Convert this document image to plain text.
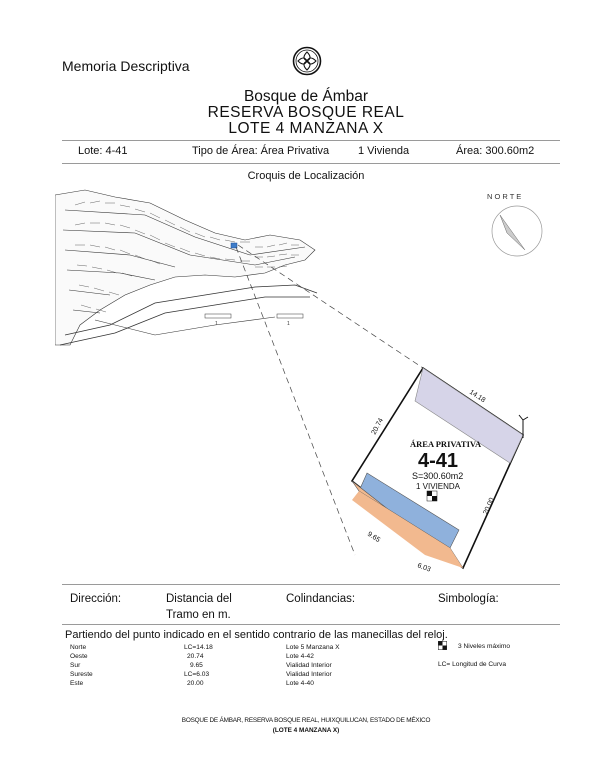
Memoria Descriptiva
Bosque de Ámbar
RESERVA BOSQUE REAL
LOTE 4 MANZANA X
Lote: 4-41	Tipo de Área: Área Privativa	1 Vivienda	Área: 300.60m2
Croquis de Localización
1	1
N O R T E
ÁREA PRIVATIVA
4-41
S=300.60m2
1 VIVIENDA
14.18
20.74
20.00
9.65
6.03
Dirección:	Distancia del
Tramo en m.
Colindancias:	Simbología:
Partiendo del punto indicado en el sentido contrario de las manecillas del reloj.
Norte	LC=14.18	Lote 5 Manzana X
Oeste	20.74	Lote 4-42
Sur	9.65	Vialidad Interior
Sureste	LC=6.03	Vialidad Interior
Este	20.00	Lote 4-40
3 Niveles máximo
LC= Longitud de Curva
BOSQUE DE ÁMBAR, RESERVA BOSQUE REAL, HUIXQUILUCAN, ESTADO DE MÉXICO
(LOTE 4 MANZANA X)
